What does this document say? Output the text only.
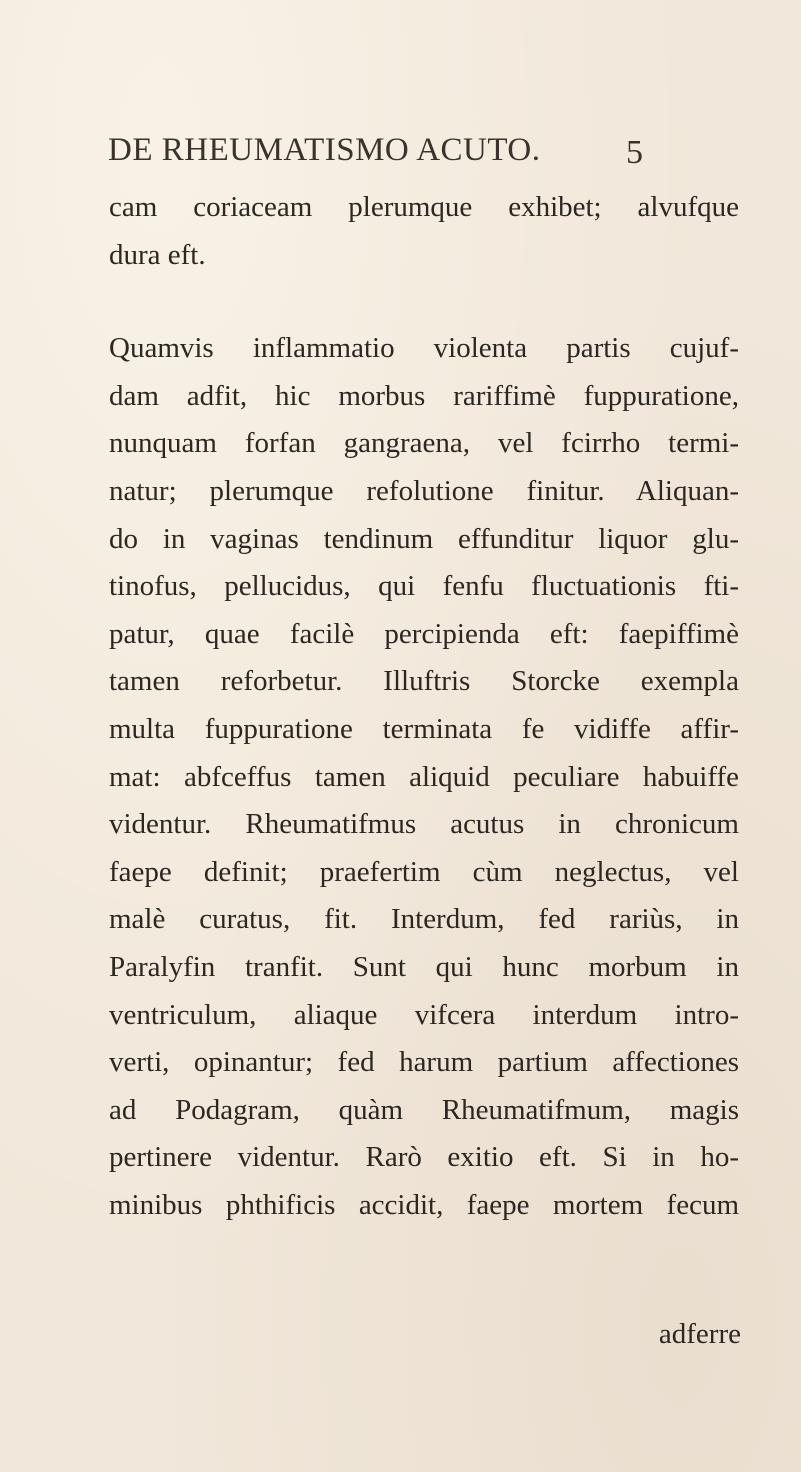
DE RHEUMATISMO ACUTO.	5
cam coriaceam plerumque exhibet; alvufque
dura eft.
Quamvis inflammatio violenta partis cujuf-
dam adfit, hic morbus rariffimè fuppuratione,
nunquam forfan gangraena, vel fcirrho termi-
natur; plerumque refolutione finitur. Aliquan-
do in vaginas tendinum effunditur liquor glu-
tinofus, pellucidus, qui fenfu fluctuationis fti-
patur, quae facilè percipienda eft: faepiffimè
tamen reforbetur. Illuftris Storcke exempla
multa fuppuratione terminata fe vidiffe affir-
mat: abfceffus tamen aliquid peculiare habuiffe
videntur. Rheumatifmus acutus in chronicum
faepe definit; praefertim cùm neglectus, vel
malè curatus, fit. Interdum, fed rariùs, in
Paralyfin tranfit. Sunt qui hunc morbum in
ventriculum, aliaque vifcera interdum intro-
verti, opinantur; fed harum partium affectiones
ad Podagram, quàm Rheumatifmum, magis
pertinere videntur. Rarò exitio eft. Si in ho-
minibus phthificis accidit, faepe mortem fecum
adferre
